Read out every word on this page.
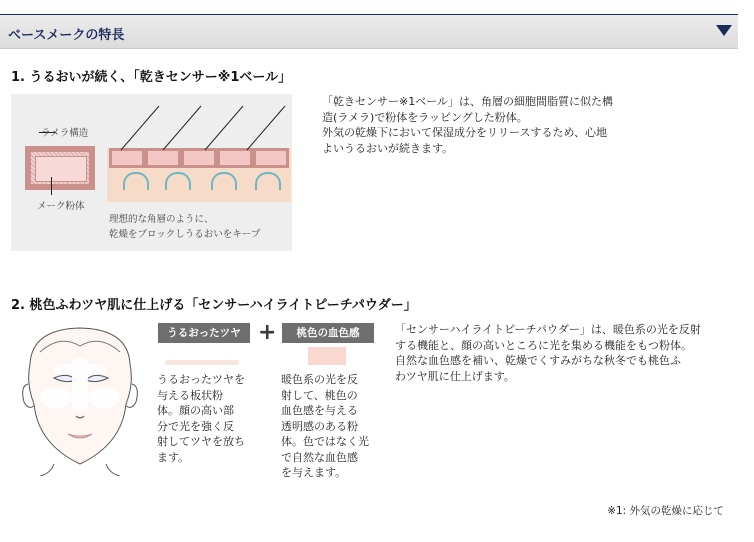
ベースメークの特長
1. うるおいが続く、「乾きセンサー※1ベール」
ラメラ構造
メーク粉体
理想的な角層のように、
乾燥をブロックしうるおいをキープ
「乾きセンサー※1ベール」は、角層の細胞間脂質に似た構
造(ラメラ)で粉体をラッピングした粉体。
外気の乾燥下において保湿成分をリリースするため、心地
よいうるおいが続きます。
2. 桃色ふわツヤ肌に仕上げる「センサーハイライトピーチパウダー」
うるおったツヤ +	桃色の血色感
うるおったツヤを
与える板状粉
体。顔の高い部
分で光を強く反
射してツヤを放ち
ます。
暖色系の光を反
射して、桃色の
血色感を与える
透明感のある粉
体。色ではなく光
で自然な血色感
を与えます。
「センサーハイライトピーチパウダー」は、暖色系の光を反射
する機能と、顔の高いところに光を集める機能をもつ粉体。
自然な血色感を補い、乾燥でくすみがちな秋冬でも桃色ふ
わツヤ肌に仕上げます。
※1: 外気の乾燥に応じて
